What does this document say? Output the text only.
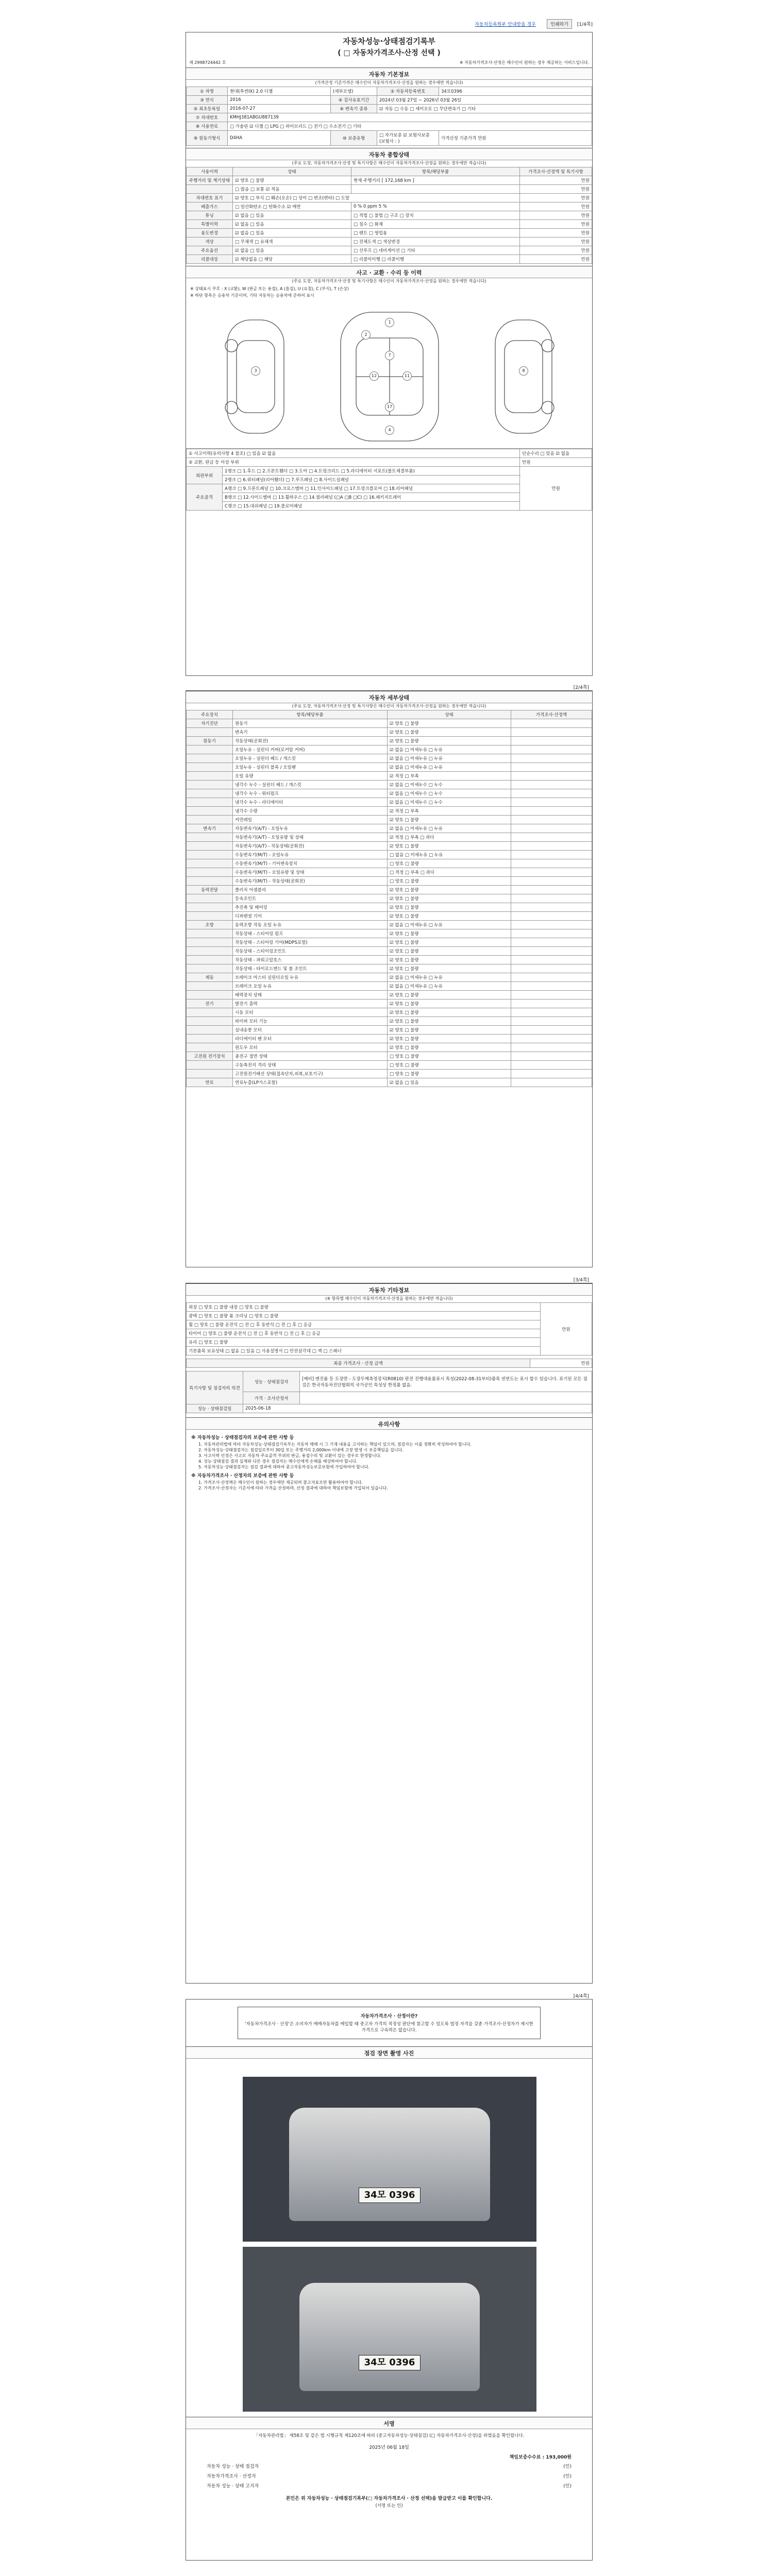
자동차등록원부 안내받을 경우	인쇄하기	[1/4쪽]
자동차성능·상태점검기록부
( □ 자동차가격조사·산정 선택 )
제 2998724442 호	※ 자동차가격조사·산정은 매수인이 원하는 경우 제공하는 서비스입니다.
자동차 기본정보
(가격산정 기준가격은 매수인이 자동차가격조사·산정을 원하는 경우에만 적습니다)
① 차명	현대(투싼IX) 2.0 디젤	(세부모델)	② 자동차등록번호	34모0396
③ 연식	2016	④ 검사유효기간	2024년 03월 27일 ~ 2026년 03월 26일	
⑤ 최초등록일	2016-07-27	⑥ 변속기 종류	☑ 자동 □ 수동 □ 세미오토 □ 무단변속기 □ 기타	
⑦ 차대번호	KMHJ381ABGU887139			
⑧ 사용연료	□ 가솔린 ☑ 디젤 □ LPG □ 하이브리드 □ 전기 □ 수소전기 □ 기타			
⑨ 원동기형식	D4HA	⑩ 보증유형	□ 자가보증 ☑ 보험사보증 (보험사 : )	가격산정 기준가격 만원
자동차 종합상태
(주요 도장, 자동차가격조사·산정 및 특기사항은 매수인이 자동차가격조사·산정을 원하는 경우에만 적습니다)
사용이력	상태	항목/해당부품	가격조사·산정액 및 특기사항
주행거리 및 계기상태	☑ 양호 □ 불량	현재 주행거리 [ 172,168 km ]	만원
	□ 많음 □ 보통 ☑ 적음		만원
차대번호 표기	☑ 양호 □ 부식 □ 훼손(오손) □ 상이 □ 변조(변타) □ 도말		만원
배출가스	□ 일산화탄소 □ 탄화수소 ☑ 매연	0 % 0 ppm 5 %	만원
튜닝	☑ 없음 □ 있음	□ 적법 □ 불법 □ 구조 □ 장치	만원
특별이력	☑ 없음 □ 있음	□ 침수 □ 화재	만원
용도변경	☑ 없음 □ 있음	□ 렌트 □ 영업용	만원
색상	□ 무채색 □ 유채색	□ 전체도색 □ 색상변경	만원
주요옵션	☑ 없음 □ 있음	□ 선루프 □ 네비게이션 □ 기타	만원
리콜대상	☑ 해당없음 □ 해당	□ 리콜미이행 □ 리콜이행	만원
사고 · 교환 · 수리 등 이력
(주요 도장, 자동차가격조사·산정 및 특기사항은 매수인이 자동차가격조사·산정을 원하는 경우에만 적습니다)
※ 상태표시 부호 : X (교환), W (판금 또는 용접), A (흠집), U (요철), C (부식), T (손상)
※ 하단 항목은 승용차 기준이며, 기타 자동차는 승용차에 준하여 표시
1
2
3
4
7
8
11
12
17
① 사고이력(유의사항 4 참조) □ 있음 ☑ 없음		단순수리 □ 있음 ☑ 없음
② 교환, 판금 등 이상 부위		만원
외판부위	1랭크 □ 1.후드 □ 2.프론트휀더 □ 3.도어 □ 4.트렁크리드 □ 5.라디에이터 서포트(볼트체결부품)	만원
	2랭크 □ 6.쿼터패널(리어휀더) □ 7.루프패널 □ 8.사이드실패널	
주요골격	A랭크 □ 9.프론트패널 □ 10.크로스멤버 □ 11.인사이드패널 □ 17.트렁크플로어 □ 18.리어패널	
	B랭크 □ 12.사이드멤버 □ 13.휠하우스 □ 14.필러패널 (□A □B □C) □ 16.패키지트레이	
	C랭크 □ 15.대쉬패널 □ 19.플로어패널	
[2/4쪽]
자동차 세부상태
(주요 도장, 자동차가격조사·산정 및 특기사항은 매수인이 자동차가격조사·산정을 원하는 경우에만 적습니다)
주요장치	항목/해당부품	상태	가격조사·산정액
자기진단	원동기	☑ 양호 □ 불량	
	변속기	☑ 양호 □ 불량	
원동기	작동상태(공회전)	☑ 양호 □ 불량	
	오일누유 - 실린더 커버(로커암 커버)	☑ 없음 □ 미세누유 □ 누유	
	오일누유 - 실린더 헤드 / 개스킷	☑ 없음 □ 미세누유 □ 누유	
	오일누유 - 실린더 블록 / 오일팬	☑ 없음 □ 미세누유 □ 누유	
	오일 유량	☑ 적정 □ 부족	
	냉각수 누수 - 실린더 헤드 / 개스킷	☑ 없음 □ 미세누수 □ 누수	
	냉각수 누수 - 워터펌프	☑ 없음 □ 미세누수 □ 누수	
	냉각수 누수 - 라디에이터	☑ 없음 □ 미세누수 □ 누수	
	냉각수 수량	☑ 적정 □ 부족	
	커먼레일	☑ 양호 □ 불량	
변속기	자동변속기(A/T) - 오일누유	☑ 없음 □ 미세누유 □ 누유	
	자동변속기(A/T) - 오일유량 및 상태	☑ 적정 □ 부족 □ 과다	
	자동변속기(A/T) - 작동상태(공회전)	☑ 양호 □ 불량	
	수동변속기(M/T) - 오일누유	□ 없음 □ 미세누유 □ 누유	
	수동변속기(M/T) - 기어변속장치	□ 양호 □ 불량	
	수동변속기(M/T) - 오일유량 및 상태	□ 적정 □ 부족 □ 과다	
	수동변속기(M/T) - 작동상태(공회전)	□ 양호 □ 불량	
동력전달	클러치 어셈블리	☑ 양호 □ 불량	
	등속조인트	☑ 양호 □ 불량	
	추진축 및 베어링	☑ 양호 □ 불량	
	디퍼렌셜 기어	☑ 양호 □ 불량	
조향	동력조향 작동 오일 누유	☑ 없음 □ 미세누유 □ 누유	
	작동상태 - 스티어링 펌프	☑ 양호 □ 불량	
	작동상태 - 스티어링 기어(MDPS포함)	☑ 양호 □ 불량	
	작동상태 - 스티어링조인트	☑ 양호 □ 불량	
	작동상태 - 파워고압호스	☑ 양호 □ 불량	
	작동상태 - 타이로드엔드 및 볼 조인트	☑ 양호 □ 불량	
제동	브레이크 마스터 실린더오일 누유	☑ 없음 □ 미세누유 □ 누유	
	브레이크 오일 누유	☑ 없음 □ 미세누유 □ 누유	
	배력장치 상태	☑ 양호 □ 불량	
전기	발전기 출력	☑ 양호 □ 불량	
	시동 모터	☑ 양호 □ 불량	
	와이퍼 모터 기능	☑ 양호 □ 불량	
	실내송풍 모터	☑ 양호 □ 불량	
	라디에이터 팬 모터	☑ 양호 □ 불량	
	윈도우 모터	☑ 양호 □ 불량	
고전원 전기장치	충전구 절연 상태	□ 양호 □ 불량	
	구동축전지 격리 상태	□ 양호 □ 불량	
	고전원전기배선 상태(접속단자,피복,보호기구)	□ 양호 □ 불량	
연료	연료누출(LP가스포함)	☑ 없음 □ 있음	
[3/4쪽]
자동차 기타정보
(※ 항목별 매수인이 자동차가격조사·산정을 원하는 경우에만 적습니다)
외장 □ 양호 □ 불량 내장 □ 양호 □ 불량	만원
광택 □ 양호 □ 불량 룸 크리닝 □ 양호 □ 불량
휠 □ 양호 □ 불량 운전석 □ 전 □ 후 동반석 □ 전 □ 후 □ 응급
타이어 □ 양호 □ 불량 운전석 □ 전 □ 후 동반석 □ 전 □ 후 □ 응급
유리 □ 양호 □ 불량
기본품목 보유상태 □ 없음 □ 있음 □ 사용설명서 □ 안전삼각대 □ 잭 □ 스패너
최종 가격조사 · 산정 금액	만원
특기사항 및 점검자의 의견	성능 · 상태점검자	[예비] 엔진룸 등 도장면 - 도장두께측정장치(R0810) 판전 진행대용품표시 특성(2022-08-31부터)품목 빈번도는 표시 할수 있습니다. 표기된 모든 점검은 한국자동차진단협회의 국가공인 특성상 한정품 없음.
	가격 · 조사산정자	
성능 · 상태점검일	2025-06-18	
유의사항
※ 자동차성능 · 상태점검자의 보증에 관한 사항 등
1. 자동차관리법에 따라 자동차성능·상태점검기록부는 자동차 매매 시 그 기재 내용을 고지하는 책임이 있으며, 점검자는 이를 정확히 작성하여야 합니다.
2. 자동차성능·상태점검자는 점검일로부터 30일 또는 주행거리 2,000km 이내에 고장 발생 시 보증책임을 집니다.
3. 사고이력 인정은 사고로 자동차 주요골격 부위의 판금, 용접수리 및 교환이 있는 경우로 한정합니다.
4. 성능·상태점검 결과 실제와 다른 경우 점검자는 매수인에게 손해를 배상하여야 합니다.
5. 자동차성능·상태점검자는 점검 결과에 대하여 중고자동차성능보증보험에 가입하여야 합니다.
※ 자동차가격조사 · 산정자의 보증에 관한 사항 등
1. 가격조사·산정액은 매수인이 원하는 경우에만 제공되며 참고자료로만 활용하여야 합니다.
2. 가격조사·산정자는 기준서에 따라 가격을 산정하며, 산정 결과에 대하여 책임보험에 가입되어 있습니다.
[4/4쪽]
자동차가격조사 · 산정이란?
'자동차가격조사 · 산정'은 소비자가 매매자동차를 매입할 때 중고차 가격의 적정성 판단에 참고할 수 있도록 법정 자격을 갖춘 가격조사·산정자가 제시한 가격으로 구속력은 없습니다.
점검 장면 촬영 사진
34모 0396
34모 0396
서명
「자동차관리법」 제58조 및 같은 법 시행규칙 제120조에 따라 (중고자동차성능·상태점검) (□ 자동차가격조사·산정)을 하였음을 확인합니다.
2025년 06월 18일
책임보증수수료 : 193,000원
자동차 성능 · 상태 점검자	(인)
자동차가격조사 · 산정자	(인)
자동차 성능 · 상태 고지자	(인)
본인은 위 자동차성능 · 상태점검기록부(□ 자동차가격조사 · 산정 선택)을 발급받고 이를 확인합니다.
(서명 또는 인)
